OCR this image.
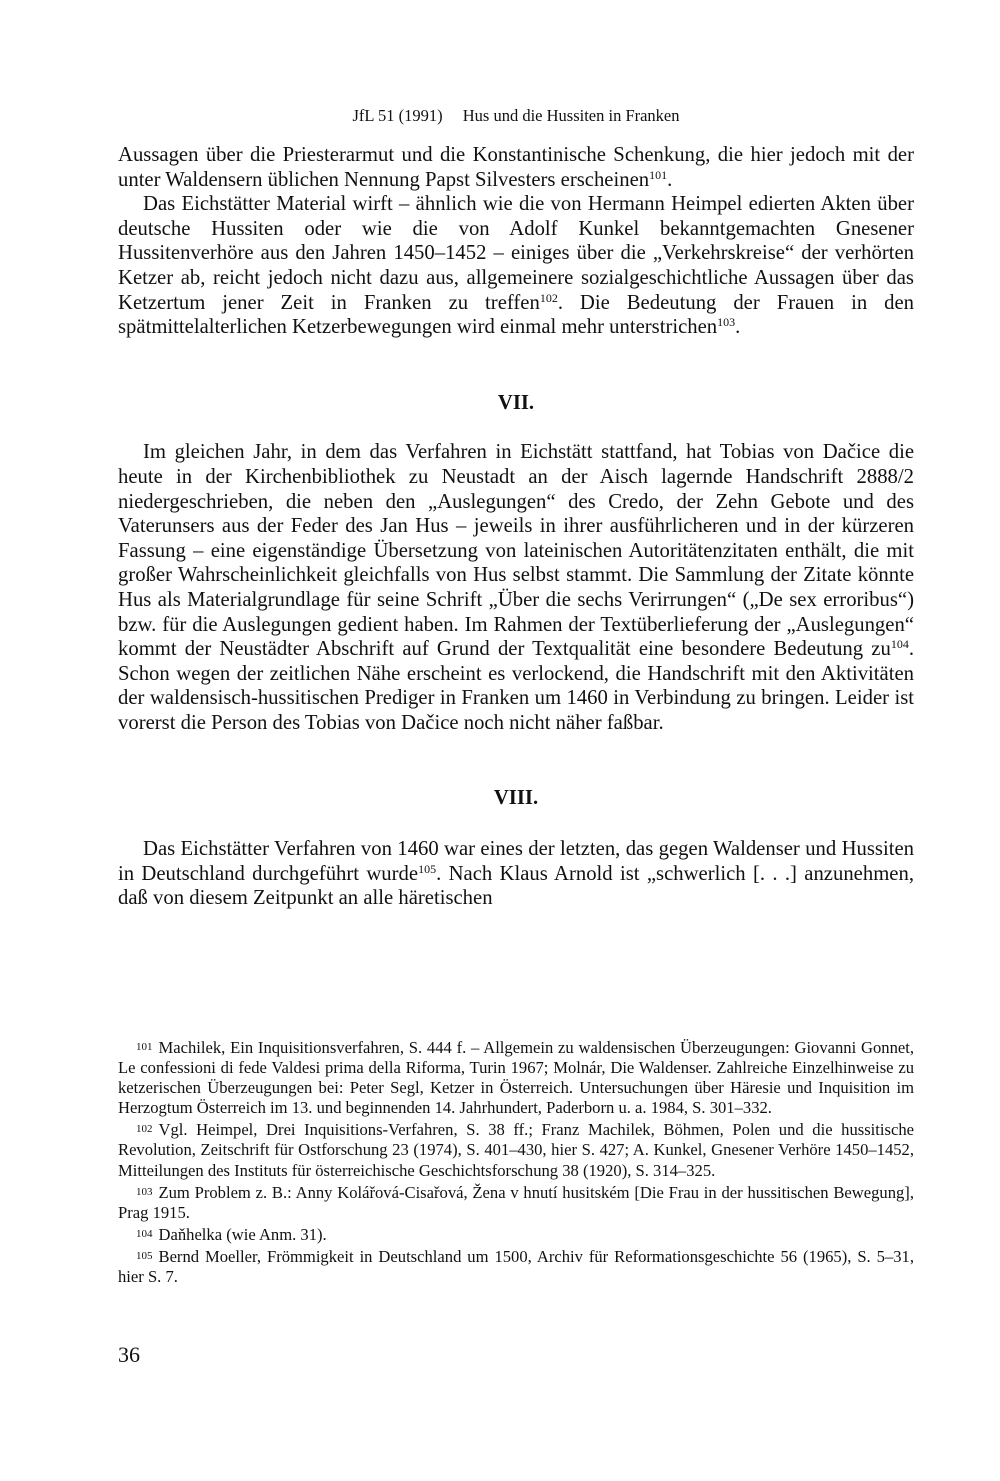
JfL 51 (1991) Hus und die Hussiten in Franken

Aussagen über die Priesterarmut und die Konstantinische Schenkung, die hier jedoch mit der unter Waldensern üblichen Nennung Papst Silvesters erscheinen$^{101}$.

Das Eichstätter Material wirft – ähnlich wie die von Hermann Heimpel edierten Akten über deutsche Hussiten oder wie die von Adolf Kunkel bekanntgemachten Gnesener Hussitenverhöre aus den Jahren 1450–1452 – einiges über die „Verkehrskreise“ der verhörten Ketzer ab, reicht jedoch nicht dazu aus, allgemeinere sozialgeschichtliche Aussagen über das Ketzertum jener Zeit in Franken zu treffen$^{102}$. Die Bedeutung der Frauen in den spätmittelalterlichen Ketzerbewegungen wird einmal mehr unterstrichen$^{103}$.

VII.

Im gleichen Jahr, in dem das Verfahren in Eichstätt stattfand, hat Tobias von Dačice die heute in der Kirchenbibliothek zu Neustadt an der Aisch lagernde Handschrift 2888/2 niedergeschrieben, die neben den „Auslegungen“ des Credo, der Zehn Gebote und des Vaterunsers aus der Feder des Jan Hus – jeweils in ihrer ausführlicheren und in der kürzeren Fassung – eine eigenständige Übersetzung von lateinischen Autoritätenzitaten enthält, die mit großer Wahrscheinlichkeit gleichfalls von Hus selbst stammt. Die Sammlung der Zitate könnte Hus als Materialgrundlage für seine Schrift „Über die sechs Verirrungen“ („De sex erroribus“) bzw. für die Auslegungen gedient haben. Im Rahmen der Textüberlieferung der „Auslegungen“ kommt der Neustädter Abschrift auf Grund der Textqualität eine besondere Bedeutung $zu^{104}$. Schon wegen der zeitlichen Nähe erscheint es verlockend, die Handschrift mit den Aktivitäten der waldensisch-hussitischen Prediger in Franken um 1460 in Verbindung zu bringen. Leider ist vorerst die Person des Tobias von Dačice noch nicht näher faßbar.

VIII.

Das Eichstätter Verfahren von 1460 war eines der letzten, das gegen Waldenser und Hussiten in Deutschland durchgeführt wurde$^{105}$. Nach Klaus Arnold ist „schwerlich [. . .] anzunehmen, daß von diesem Zeitpunkt an alle häretischen

101 Machilek, Ein Inquisitionsverfahren, S. 444 f. – Allgemein zu waldensischen Überzeugungen: Giovanni Gonnet, Le confessioni di fede Valdesi prima della Riforma, Turin 1967; Molnár, Die Waldenser. Zahlreiche Einzelhinweise zu ketzerischen Überzeugungen bei: Peter Segl, Ketzer in Österreich. Untersuchungen über Häresie und Inquisition im Herzogtum Österreich im 13. und beginnenden 14. Jahrhundert, Paderborn u. a. 1984, S. 301–332.

102 Vgl. Heimpel, Drei Inquisitions-Verfahren, S. 38 ff.; Franz Machilek, Böhmen, Polen und die hussitische Revolution, Zeitschrift für Ostforschung 23 (1974), S. 401–430, hier S. 427; A. Kunkel, Gnesener Verhöre 1450–1452, Mitteilungen des Instituts für österreichische Geschichtsforschung 38 (1920), S. 314–325.

103 Zum Problem z. B.: Anny Kolářová-Cisařová, Žena v hnutí husitském [Die Frau in der hussitischen Bewegung], Prag 1915.

104 Daňhelka (wie Anm. 31).

105 Bernd Moeller, Frömmigkeit in Deutschland um 1500, Archiv für Reformationsgeschichte 56 (1965), S. 5–31, hier S. 7.

36
